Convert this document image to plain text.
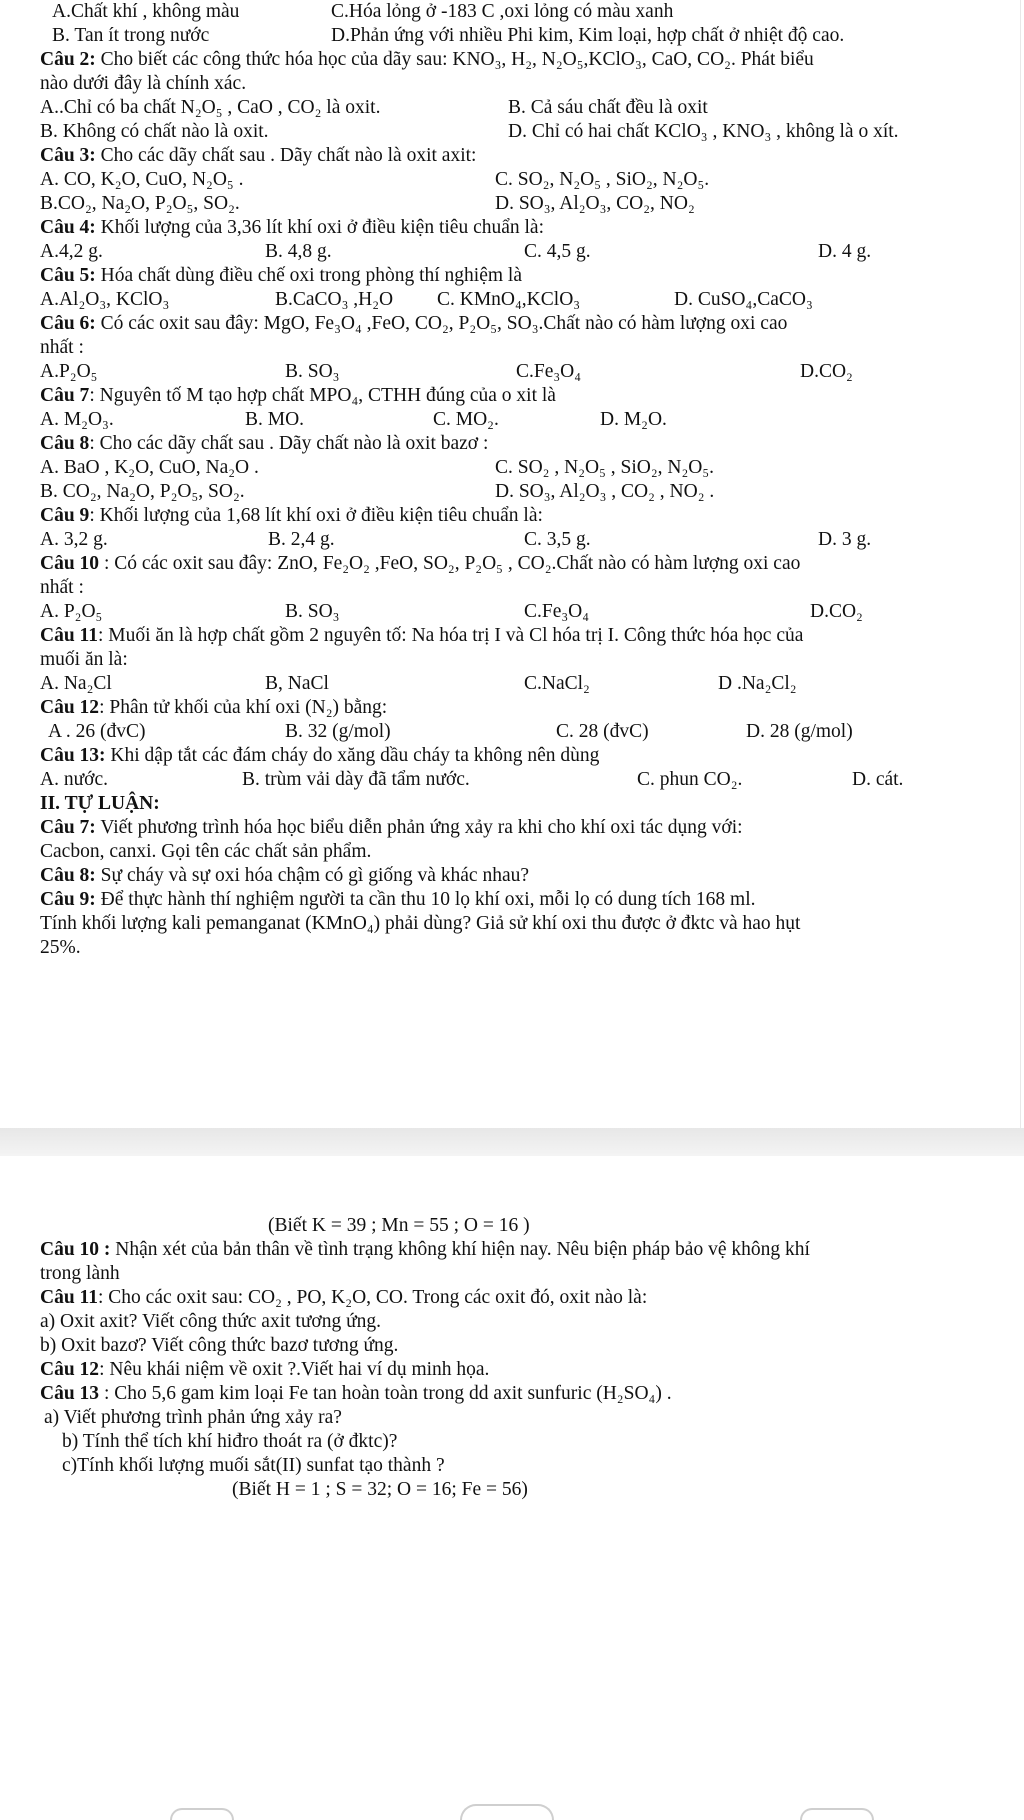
A.Chất khí , không màu	C.Hóa lỏng ở -183 C ,oxi lỏng có màu xanh
B. Tan ít trong nước	D.Phản ứng với nhiều Phi kim, Kim loại, hợp chất ở nhiệt độ cao.
Câu 2: Cho biết các công thức hóa học của dãy sau: KNO₃, H₂, N₂O₅,KClO₃, CaO, CO₂. Phát biểu
nào dưới đây là chính xác.
A..Chỉ có ba chất N₂O₅ , CaO , CO₂ là oxit.	B. Cả sáu chất đều là oxit
B. Không có chất nào là oxit.	D. Chỉ có hai chất KClO₃ , KNO₃ , không là o xít.
Câu 3: Cho các dãy chất sau . Dãy chất nào là oxit axit:
A. CO, K₂O, CuO, N₂O₅ .	C. SO₂, N₂O₅ , SiO₂, N₂O₅.
B.CO₂, Na₂O, P₂O₅, SO₂.	D. SO₃, Al₂O₃, CO₂, NO₂
Câu 4: Khối lượng của 3,36 lít khí oxi ở điều kiện tiêu chuẩn là:
A.4,2 g.	B. 4,8 g.	C. 4,5 g.	D. 4 g.
Câu 5: Hóa chất dùng điều chế oxi trong phòng thí nghiệm là
A.Al₂O₃, KClO₃	B.CaCO₃ ,H₂O C. KMnO₄,KClO₃	D. CuSO₄,CaCO₃
Câu 6: Có các oxit sau đây: MgO, Fe₃O₄ ,FeO, CO₂, P₂O₅, SO₃.Chất nào có hàm lượng oxi cao
nhất :
A.P₂O₅	B. SO₃	C.Fe₃O₄	D.CO₂
Câu 7: Nguyên tố M tạo hợp chất MPO₄, CTHH đúng của o xit là
A. M₂O₃.	B. MO.	C. MO₂.	D. M₂O.
Câu 8: Cho các dãy chất sau . Dãy chất nào là oxit bazơ :
A. BaO , K₂O, CuO, Na₂O .	C. SO₂ , N₂O₅ , SiO₂, N₂O₅.
B. CO₂, Na₂O, P₂O₅, SO₂.	D. SO₃, Al₂O₃ , CO₂ , NO₂ .
Câu 9: Khối lượng của 1,68 lít khí oxi ở điều kiện tiêu chuẩn là:
A. 3,2 g.	B. 2,4 g.	C. 3,5 g.	D. 3 g.
Câu 10 : Có các oxit sau đây: ZnO, Fe₂O₂ ,FeO, SO₂, P₂O₅ , CO₂.Chất nào có hàm lượng oxi cao
nhất :
A. P₂O₅	B. SO₃	C.Fe₃O₄	D.CO₂
Câu 11: Muối ăn là hợp chất gồm 2 nguyên tố: Na hóa trị I và Cl hóa trị I. Công thức hóa học của
muối ăn là:
A. Na₂Cl	B, NaCl	C.NaCl₂	D .Na₂Cl₂
Câu 12: Phân tử khối của khí oxi (N₂) bằng:
A . 26 (đvC)	B. 32 (g/mol)	C. 28 (đvC)	D. 28 (g/mol)
Câu 13: Khi dập tắt các đám cháy do xăng dầu cháy ta không nên dùng
A. nước.	B. trùm vải dày đã tẩm nước.	C. phun CO₂.	D. cát.
II. TỰ LUẬN:
Câu 7: Viết phương trình hóa học biểu diễn phản ứng xảy ra khi cho khí oxi tác dụng với:
Cacbon, canxi. Gọi tên các chất sản phẩm.
Câu 8: Sự cháy và sự oxi hóa chậm có gì giống và khác nhau?
Câu 9: Để thực hành thí nghiệm người ta cần thu 10 lọ khí oxi, mỗi lọ có dung tích 168 ml.
Tính khối lượng kali pemanganat (KMnO₄) phải dùng? Giả sử khí oxi thu được ở đktc và hao hụt
25%.
(Biết K = 39 ; Mn = 55 ; O = 16 )
Câu 10 : Nhận xét của bản thân về tình trạng không khí hiện nay. Nêu biện pháp bảo vệ không khí
trong lành
Câu 11: Cho các oxit sau: CO₂ , PO, K₂O, CO. Trong các oxit đó, oxit nào là:
a) Oxit axit? Viết công thức axit tương ứng.
b) Oxit bazơ? Viết công thức bazơ tương ứng.
Câu 12: Nêu khái niệm về oxit ?.Viết hai ví dụ minh họa.
Câu 13 : Cho 5,6 gam kim loại Fe tan hoàn toàn trong dd axit sunfuric (H₂SO₄) .
a) Viết phương trình phản ứng xảy ra?
b) Tính thể tích khí hiđro thoát ra (ở đktc)?
c)Tính khối lượng muối sắt(II) sunfat tạo thành ?
(Biết H = 1 ; S = 32; O = 16; Fe = 56)
